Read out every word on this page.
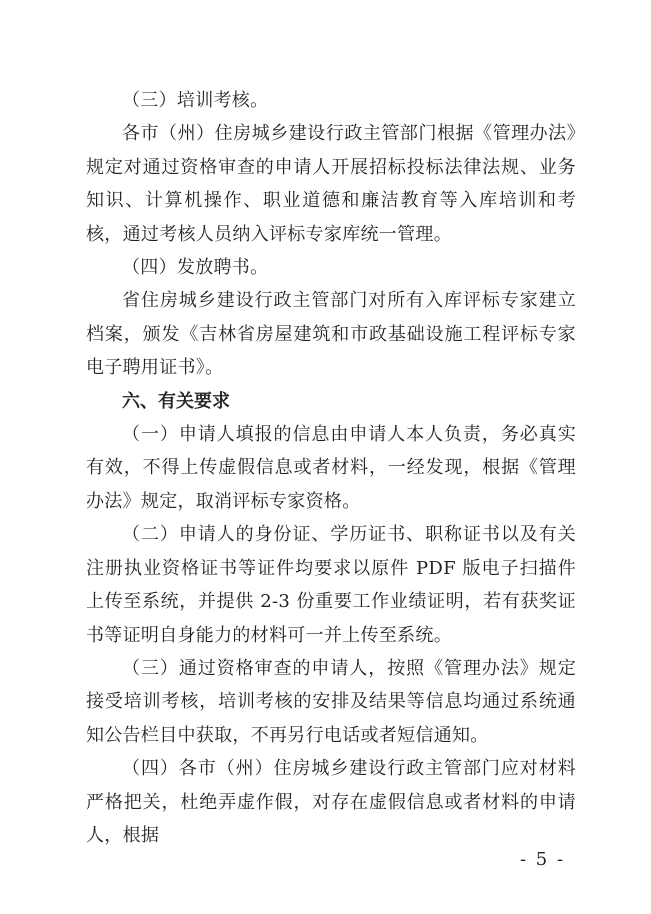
（三）培训考核。

各市（州）住房城乡建设行政主管部门根据《管理办法》规定对通过资格审查的申请人开展招标投标法律法规、业务知识、计算机操作、职业道德和廉洁教育等入库培训和考核，通过考核人员纳入评标专家库统一管理。

（四）发放聘书。

省住房城乡建设行政主管部门对所有入库评标专家建立档案，颁发《吉林省房屋建筑和市政基础设施工程评标专家电子聘用证书》。

六、有关要求

（一）申请人填报的信息由申请人本人负责，务必真实有效，不得上传虚假信息或者材料，一经发现，根据《管理办法》规定，取消评标专家资格。

（二）申请人的身份证、学历证书、职称证书以及有关注册执业资格证书等证件均要求以原件 PDF 版电子扫描件上传至系统，并提供 2-3 份重要工作业绩证明，若有获奖证书等证明自身能力的材料可一并上传至系统。

（三）通过资格审查的申请人，按照《管理办法》规定接受培训考核，培训考核的安排及结果等信息均通过系统通知公告栏目中获取，不再另行电话或者短信通知。

（四）各市（州）住房城乡建设行政主管部门应对材料严格把关，杜绝弄虚作假，对存在虚假信息或者材料的申请人，根据

- 5 -
